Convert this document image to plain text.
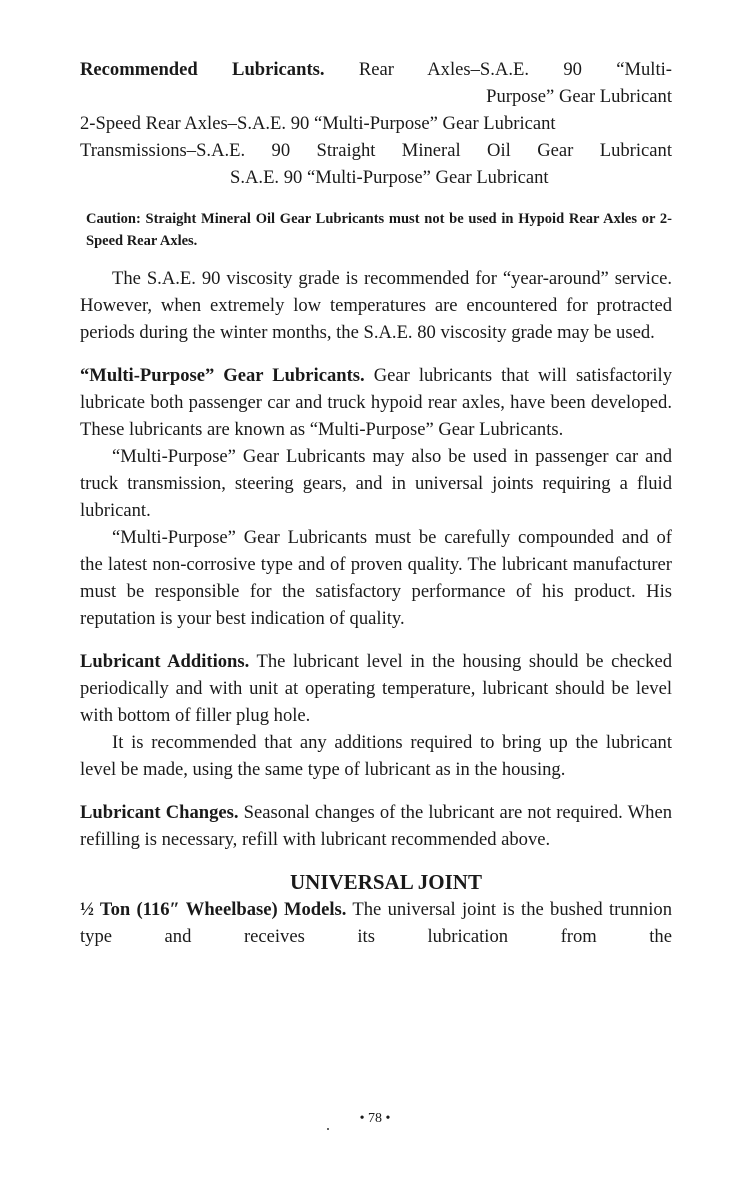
Recommended Lubricants. Rear Axles–S.A.E. 90 “Multi-

Purpose” Gear Lubricant
2-Speed Rear Axles–S.A.E. 90 “Multi-Purpose” Gear Lubricant
Transmissions–S.A.E. 90 Straight Mineral Oil Gear Lubricant
S.A.E. 90 “Multi-Purpose” Gear Lubricant

Caution: Straight Mineral Oil Gear Lubricants must not be used in Hypoid Rear Axles or 2-Speed Rear Axles.

The S.A.E. 90 viscosity grade is recommended for “year-around” service. However, when extremely low temperatures are encountered for protracted periods during the winter months, the S.A.E. 80 viscosity grade may be used.

“Multi-Purpose” Gear Lubricants. Gear lubricants that will satisfactorily lubricate both passenger car and truck hypoid rear axles, have been developed. These lubricants are known as “Multi-Purpose” Gear Lubricants.

“Multi-Purpose” Gear Lubricants may also be used in passenger car and truck transmission, steering gears, and in universal joints requiring a fluid lubricant.

“Multi-Purpose” Gear Lubricants must be carefully compounded and of the latest non-corrosive type and of proven quality. The lubricant manufacturer must be responsible for the satisfactory performance of his product. His reputation is your best indication of quality.

Lubricant Additions. The lubricant level in the housing should be checked periodically and with unit at operating temperature, lubricant should be level with bottom of filler plug hole.

It is recommended that any additions required to bring up the lubricant level be made, using the same type of lubricant as in the housing.

Lubricant Changes. Seasonal changes of the lubricant are not required. When refilling is necessary, refill with lubricant recommended above.

UNIVERSAL JOINT

½ Ton (116″ Wheelbase) Models. The universal joint is the bushed trunnion type and receives its lubrication from the

• 78 •
